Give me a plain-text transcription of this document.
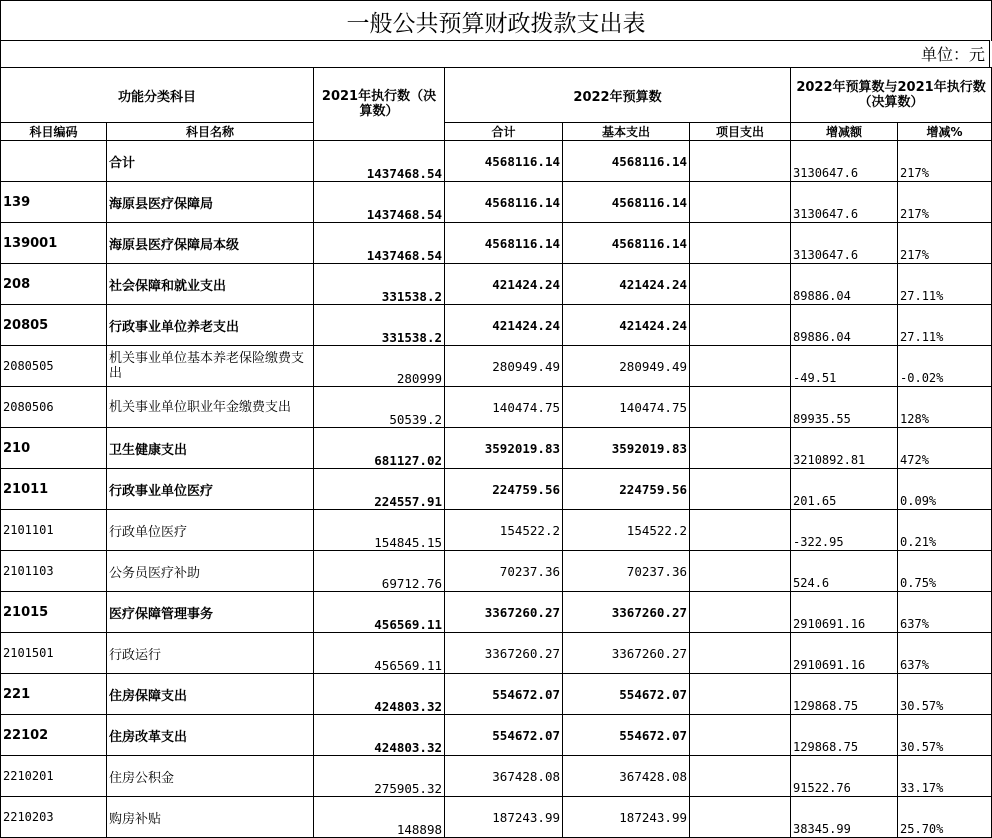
一般公共预算财政拨款支出表
单位：元
功能分类科目		2021年执行数（决算数）	2022年预算数			2022年预算数与2021年执行数（决算数）	
科目编码	科目名称		合计	基本支出	项目支出	增减额	增减%
	合计	1437468.54	4568116.14	4568116.14		3130647.6	217%
139	海原县医疗保障局	1437468.54	4568116.14	4568116.14		3130647.6	217%
139001	海原县医疗保障局本级	1437468.54	4568116.14	4568116.14		3130647.6	217%
208	社会保障和就业支出	331538.2	421424.24	421424.24		89886.04	27.11%
20805	行政事业单位养老支出	331538.2	421424.24	421424.24		89886.04	27.11%
2080505	机关事业单位基本养老保险缴费支出	280999	280949.49	280949.49		-49.51	-0.02%
2080506	机关事业单位职业年金缴费支出	50539.2	140474.75	140474.75		89935.55	128%
210	卫生健康支出	681127.02	3592019.83	3592019.83		3210892.81	472%
21011	行政事业单位医疗	224557.91	224759.56	224759.56		201.65	0.09%
2101101	行政单位医疗	154845.15	154522.2	154522.2		-322.95	0.21%
2101103	公务员医疗补助	69712.76	70237.36	70237.36		524.6	0.75%
21015	医疗保障管理事务	456569.11	3367260.27	3367260.27		2910691.16	637%
2101501	行政运行	456569.11	3367260.27	3367260.27		2910691.16	637%
221	住房保障支出	424803.32	554672.07	554672.07		129868.75	30.57%
22102	住房改革支出	424803.32	554672.07	554672.07		129868.75	30.57%
2210201	住房公积金	275905.32	367428.08	367428.08		91522.76	33.17%
2210203	购房补贴	148898	187243.99	187243.99		38345.99	25.70%
